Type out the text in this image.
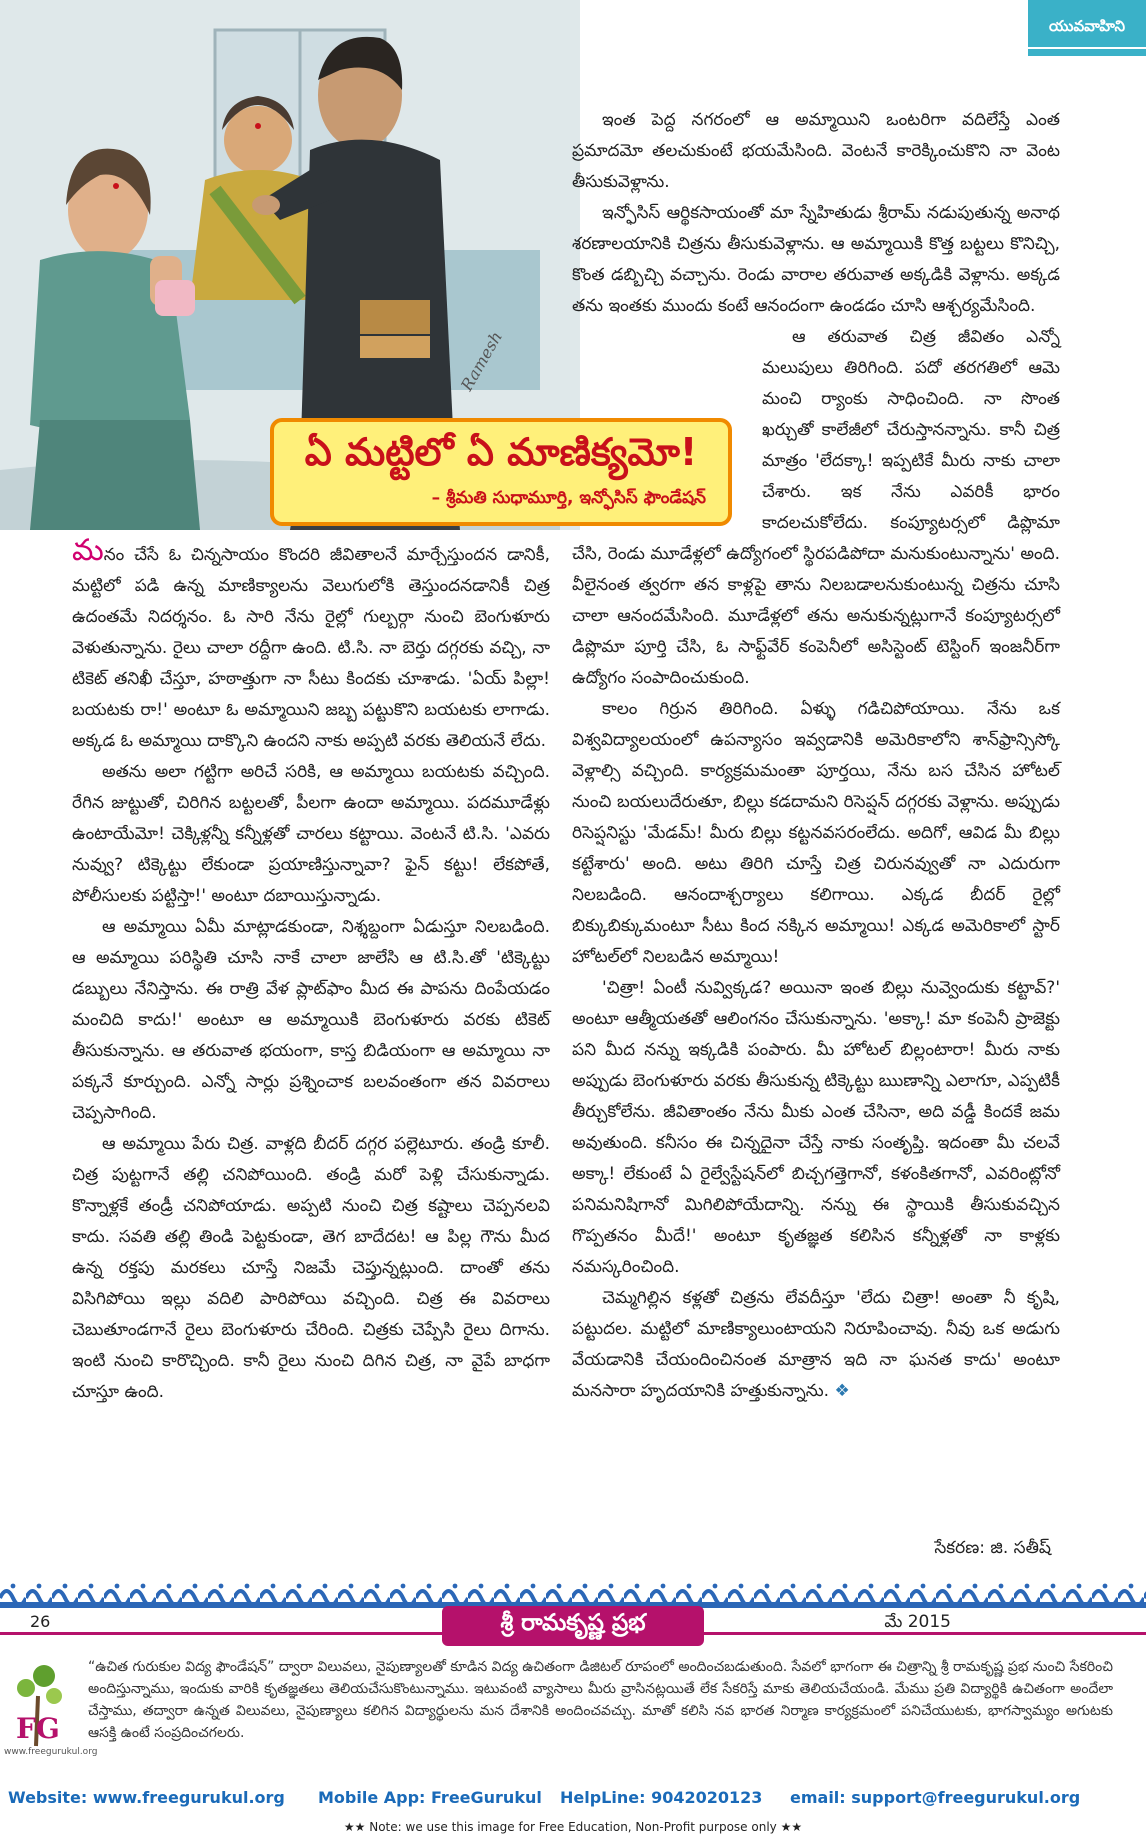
యువవాహిని
Ramesh
ఏ మట్టిలో ఏ మాణిక్యమో!
– శ్రీమతి సుధామూర్తి, ఇన్ఫోసిస్ ఫౌండేషన్

మనం చేసే ఓ చిన్నసాయం కొందరి జీవితాలనే మార్చేస్తుందన డానికీ, మట్టిలో పడి ఉన్న మాణిక్యాలను వెలుగులోకి తెస్తుందనడానికీ చిత్ర ఉదంతమే నిదర్శనం. ఓ సారి నేను రైల్లో గుల్బర్గా నుంచి బెంగుళూరు వెళుతున్నాను. రైలు చాలా రద్దీగా ఉంది. టి.సి. నా బెర్తు దగ్గరకు వచ్చి, నా టికెట్ తనిఖీ చేస్తూ, హఠాత్తుగా నా సీటు కిందకు చూశాడు. 'ఏయ్ పిల్లా! బయటకు రా!' అంటూ ఓ అమ్మాయిని జబ్బ పట్టుకొని బయటకు లాగాడు. అక్కడ ఓ అమ్మాయి దాక్కొని ఉందని నాకు అప్పటి వరకు తెలియనే లేదు.

అతను అలా గట్టిగా అరిచే సరికి, ఆ అమ్మాయి బయటకు వచ్చింది. రేగిన జుట్టుతో, చిరిగిన బట్టలతో, పీలగా ఉందా అమ్మాయి. పదమూడేళ్లు ఉంటాయేమో! చెక్కిళ్లన్నీ కన్నీళ్లతో చారలు కట్టాయి. వెంటనే టి.సి. 'ఎవరు నువ్వు? టిక్కెట్టు లేకుండా ప్రయాణిస్తున్నావా? ఫైన్ కట్టు! లేకపోతే, పోలీసులకు పట్టిస్తా!' అంటూ దబాయిస్తున్నాడు.

ఆ అమ్మాయి ఏమీ మాట్లాడకుండా, నిశ్శబ్దంగా ఏడుస్తూ నిలబడింది. ఆ అమ్మాయి పరిస్థితి చూసి నాకే చాలా జాలేసి ఆ టి.సి.తో 'టిక్కెట్టు డబ్బులు నేనిస్తాను. ఈ రాత్రి వేళ ప్లాట్‌ఫాం మీద ఈ పాపను దింపేయడం మంచిది కాదు!' అంటూ ఆ అమ్మాయికి బెంగుళూరు వరకు టికెట్ తీసుకున్నాను. ఆ తరువాత భయంగా, కాస్త బిడియంగా ఆ అమ్మాయి నా పక్కనే కూర్చుంది. ఎన్నో సార్లు ప్రశ్నించాక బలవంతంగా తన వివరాలు చెప్పసాగింది.

ఆ అమ్మాయి పేరు చిత్ర. వాళ్లది బీదర్ దగ్గర పల్లెటూరు. తండ్రి కూలీ. చిత్ర పుట్టగానే తల్లి చనిపోయింది. తండ్రి మరో పెళ్లి చేసుకున్నాడు. కొన్నాళ్లకే తండ్రీ చనిపోయాడు. అప్పటి నుంచి చిత్ర కష్టాలు చెప్పనలవి కాదు. సవతి తల్లి తిండి పెట్టకుండా, తెగ బాదేదట! ఆ పిల్ల గౌను మీద ఉన్న రక్తపు మరకలు చూస్తే నిజమే చెప్తున్నట్లుంది. దాంతో తను విసిగిపోయి ఇల్లు వదిలి పారిపోయి వచ్చింది. చిత్ర ఈ వివరాలు చెబుతూండగానే రైలు బెంగుళూరు చేరింది. చిత్రకు చెప్పేసి రైలు దిగాను. ఇంటి నుంచి కారొచ్చింది. కానీ రైలు నుంచి దిగిన చిత్ర, నా వైపే బాధగా చూస్తూ ఉంది.

ఇంత పెద్ద నగరంలో ఆ అమ్మాయిని ఒంటరిగా వదిలేస్తే ఎంత ప్రమాదమో తలచుకుంటే భయమేసింది. వెంటనే కారెక్కించుకొని నా వెంట తీసుకువెళ్లాను.

ఇన్ఫోసిస్ ఆర్థికసాయంతో మా స్నేహితుడు శ్రీరామ్ నడుపుతున్న అనాథ శరణాలయానికి చిత్రను తీసుకువెళ్లాను. ఆ అమ్మాయికి కొత్త బట్టలు కొనిచ్చి, కొంత డబ్బిచ్చి వచ్చాను. రెండు వారాల తరువాత అక్కడికి వెళ్లాను. అక్కడ తను ఇంతకు ముందు కంటే ఆనందంగా ఉండడం చూసి ఆశ్చర్యమేసింది.

ఆ తరువాత చిత్ర జీవితం ఎన్నో మలుపులు తిరిగింది. పదో తరగతిలో ఆమె మంచి ర్యాంకు సాధించింది. నా సొంత ఖర్చుతో కాలేజీలో చేరుస్తానన్నాను. కానీ చిత్ర మాత్రం 'లేదక్కా! ఇప్పటికే మీరు నాకు చాలా చేశారు. ఇక నేను ఎవరికీ భారం కాదలచుకోలేదు. కంప్యూటర్సలో డిప్లొమా చేసి, రెండు మూడేళ్లలో ఉద్యోగంలో స్థిరపడిపోదా మనుకుంటున్నాను' అంది. వీలైనంత త్వరగా తన కాళ్లపై తాను నిలబడాలనుకుంటున్న చిత్రను చూసి చాలా ఆనందమేసింది. మూడేళ్లలో తను అనుకున్నట్లుగానే కంప్యూటర్సలో డిప్లొమా పూర్తి చేసి, ఓ సాఫ్ట్‌వేర్ కంపెనీలో అసిస్టెంట్ టెస్టింగ్ ఇంజనీర్‌గా ఉద్యోగం సంపాదించుకుంది.

కాలం గిర్రున తిరిగింది. ఏళ్ళు గడిచిపోయాయి. నేను ఒక విశ్వవిద్యాలయంలో ఉపన్యాసం ఇవ్వడానికి అమెరికాలోని శాన్‌ఫ్రాన్సిస్కో వెళ్లాల్సి వచ్చింది. కార్యక్రమమంతా పూర్తయి, నేను బస చేసిన హోటల్ నుంచి బయలుదేరుతూ, బిల్లు కడదామని రిసెప్షన్ దగ్గరకు వెళ్లాను. అప్పుడు రిసెప్షనిస్టు 'మేడమ్! మీరు బిల్లు కట్టనవసరంలేదు. అదిగో, ఆవిడ మీ బిల్లు కట్టేశారు' అంది. అటు తిరిగి చూస్తే చిత్ర చిరునవ్వుతో నా ఎదురుగా నిలబడింది. ఆనందాశ్చర్యాలు కలిగాయి. ఎక్కడ బీదర్ రైల్లో బిక్కుబిక్కుమంటూ సీటు కింద నక్కిన అమ్మాయి! ఎక్కడ అమెరికాలో స్టార్ హోటల్‌లో నిలబడిన అమ్మాయి!

'చిత్రా! ఏంటీ నువ్విక్కడ? అయినా ఇంత బిల్లు నువ్వెందుకు కట్టావ్?' అంటూ ఆత్మీయతతో ఆలింగనం చేసుకున్నాను. 'అక్కా! మా కంపెనీ ప్రాజెక్టు పని మీద నన్ను ఇక్కడికి పంపారు. మీ హోటల్ బిల్లంటారా! మీరు నాకు అప్పుడు బెంగుళూరు వరకు తీసుకున్న టిక్కెట్టు ఋణాన్ని ఎలాగూ, ఎప్పటికీ తీర్చుకోలేను. జీవితాంతం నేను మీకు ఎంత చేసినా, అది వడ్డీ కిందకే జమ అవుతుంది. కనీసం ఈ చిన్నదైనా చేస్తే నాకు సంతృప్తి. ఇదంతా మీ చలవే అక్కా! లేకుంటే ఏ రైల్వేస్టేషన్‌లో బిచ్చగత్తెగానో, కళంకితగానో, ఎవరింట్లోనో పనిమనిషిగానో మిగిలిపోయేదాన్ని. నన్ను ఈ స్థాయికి తీసుకువచ్చిన గొప్పతనం మీదే!' అంటూ కృతజ్ఞత కలిసిన కన్నీళ్లతో నా కాళ్లకు నమస్కరించింది.

చెమ్మగిల్లిన కళ్లతో చిత్రను లేవదీస్తూ 'లేదు చిత్రా! అంతా నీ కృషి, పట్టుదల. మట్టిలో మాణిక్యాలుంటాయని నిరూపించావు. నీవు ఒక అడుగు వేయడానికి చేయందించినంత మాత్రాన ఇది నా ఘనత కాదు' అంటూ మనసారా హృదయానికి హత్తుకున్నాను. ❖

సేకరణ: జి. సతీష్
శ్రీ రామకృష్ణ ప్రభ
26	మే 2015
FG
www.freegurukul.org
“ఉచిత గురుకుల విద్య ఫౌండేషన్” ద్వారా విలువలు, నైపుణ్యాలతో కూడిన విద్య ఉచితంగా డిజిటల్ రూపంలో అందించబడుతుంది. సేవలో భాగంగా ఈ చిత్రాన్ని శ్రీ రామకృష్ణ ప్రభ నుంచి సేకరించి అందిస్తున్నాము, ఇందుకు వారికి కృతజ్ఞతలు తెలియచేసుకొంటున్నాము. ఇటువంటి వ్యాసాలు మీరు వ్రాసినట్లయితే లేక సేకరిస్తే మాకు తెలియచేయండి. మేము ప్రతి విద్యార్థికి ఉచితంగా అందేలా చేస్తాము, తద్వారా ఉన్నత విలువలు, నైపుణ్యాలు కలిగిన విద్యార్థులను మన దేశానికి అందించవచ్చు. మాతో కలిసి నవ భారత నిర్మాణ కార్యక్రమంలో పనిచేయుటకు, భాగస్వామ్యం అగుటకు ఆసక్తి ఉంటే సంప్రదించగలరు.
Website: www.freegurukul.org Mobile App: FreeGurukul HelpLine: 9042020123 email: support@freegurukul.org
★★ Note: we use this image for Free Education, Non-Profit purpose only ★★
